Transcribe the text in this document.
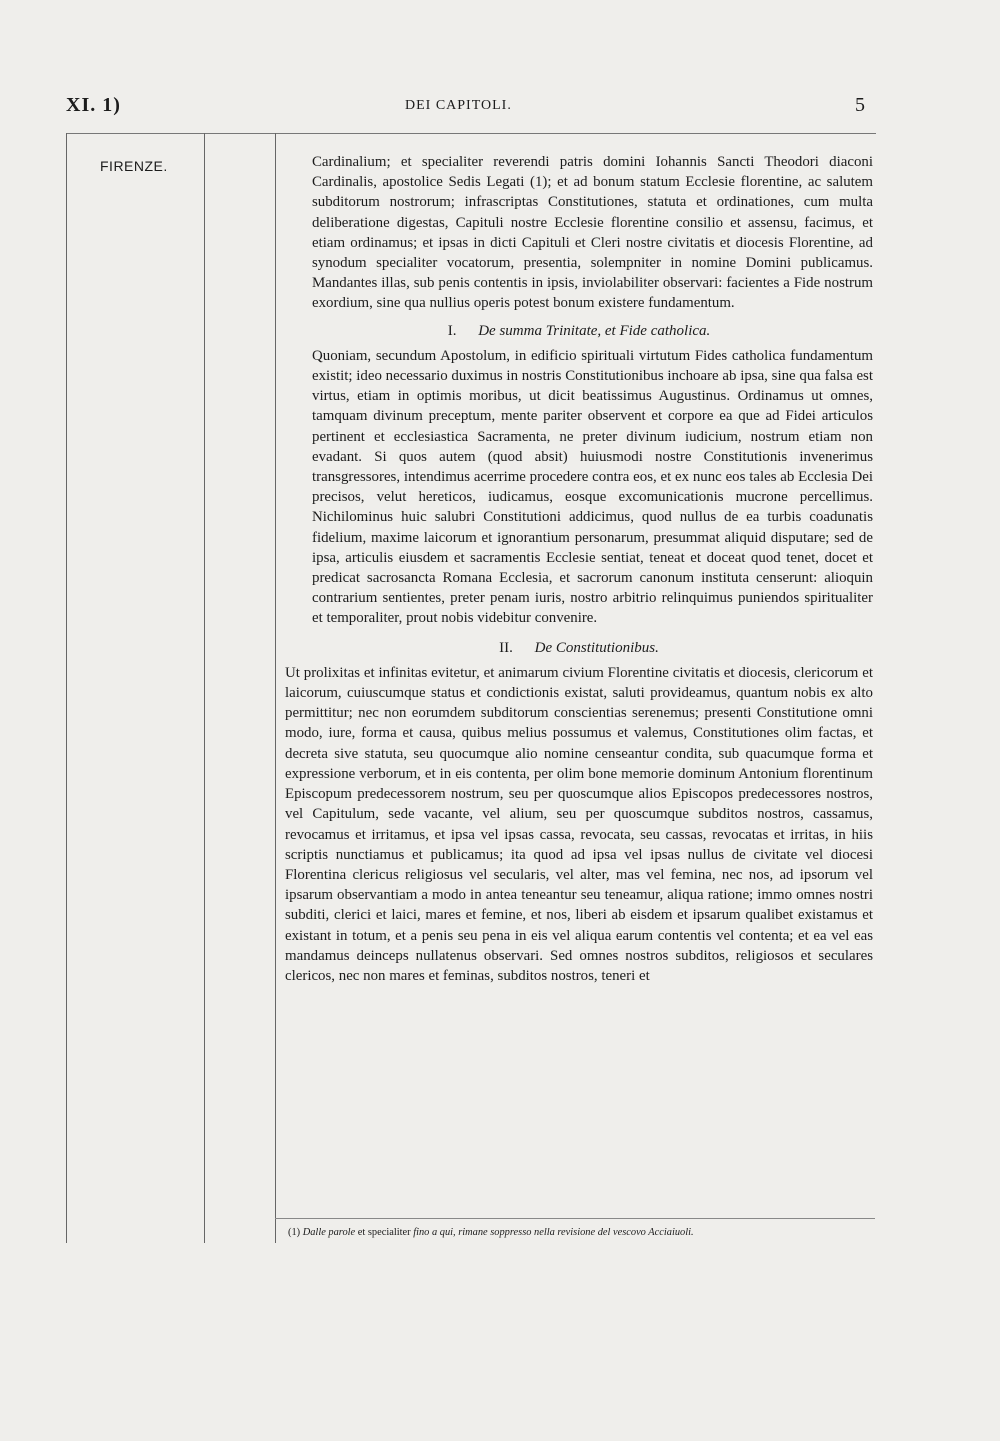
XI. 1)	DEI CAPITOLI.	5
FIRENZE.	Cardinalium; et specialiter reverendi patris domini Iohannis Sancti Theodori diaconi Cardinalis, apostolice Sedis Legati (1); et ad bonum statum Ecclesie florentine, ac salutem subditorum nostrorum; infrascriptas Constitutiones, statuta et ordinationes, cum multa deliberatione digestas, Capituli nostre Ecclesie florentine consilio et assensu, facimus, et etiam ordinamus; et ipsas in dicti Capituli et Cleri nostre civitatis et diocesis Florentine, ad synodum specialiter vocatorum, presentia, solempniter in nomine Domini publicamus. Mandantes illas, sub penis contentis in ipsis, inviolabiliter observari: facientes a Fide nostrum exordium, sine qua nullius operis potest bonum existere fundamentum.

I. De summa Trinitate, et Fide catholica.

Quoniam, secundum Apostolum, in edificio spirituali virtutum Fides catholica fundamentum existit; ideo necessario duximus in nostris Constitutionibus inchoare ab ipsa, sine qua falsa est virtus, etiam in optimis moribus, ut dicit beatissimus Augustinus. Ordinamus ut omnes, tamquam divinum preceptum, mente pariter observent et corpore ea que ad Fidei articulos pertinent et ecclesiastica Sacramenta, ne preter divinum iudicium, nostrum etiam non evadant. Si quos autem (quod absit) huiusmodi nostre Constitutionis invenerimus transgressores, intendimus acerrime procedere contra eos, et ex nunc eos tales ab Ecclesia Dei precisos, velut hereticos, iudicamus, eosque excomunicationis mucrone percellimus. Nichilominus huic salubri Constitutioni addicimus, quod nullus de ea turbis coadunatis fidelium, maxime laicorum et ignorantium personarum, presummat aliquid disputare; sed de ipsa, articulis eiusdem et sacramentis Ecclesie sentiat, teneat et doceat quod tenet, docet et predicat sacrosancta Romana Ecclesia, et sacrorum canonum instituta censerunt: alioquin contrarium sentientes, preter penam iuris, nostro arbitrio relinquimus puniendos spiritualiter et temporaliter, prout nobis videbitur convenire.

II. De Constitutionibus.

Ut prolixitas et infinitas evitetur, et animarum civium Florentine civitatis et diocesis, clericorum et laicorum, cuiuscumque status et condictionis existat, saluti provideamus, quantum nobis ex alto permittitur; nec non eorumdem subditorum conscientias serenemus; presenti Constitutione omni modo, iure, forma et causa, quibus melius possumus et valemus, Constitutiones olim factas, et decreta sive statuta, seu quocumque alio nomine censeantur condita, sub quacumque forma et expressione verborum, et in eis contenta, per olim bone memorie dominum Antonium florentinum Episcopum predecessorem nostrum, seu per quoscumque alios Episcopos predecessores nostros, vel Capitulum, sede vacante, vel alium, seu per quoscumque subditos nostros, cassamus, revocamus et irritamus, et ipsa vel ipsas cassa, revocata, seu cassas, revocatas et irritas, in hiis scriptis nunctiamus et publicamus; ita quod ad ipsa vel ipsas nullus de civitate vel diocesi Florentina clericus religiosus vel secularis, vel alter, mas vel femina, nec nos, ad ipsorum vel ipsarum observantiam a modo in antea teneantur seu teneamur, aliqua ratione; immo omnes nostri subditi, clerici et laici, mares et femine, et nos, liberi ab eisdem et ipsarum qualibet existamus et existant in totum, et a penis seu pena in eis vel aliqua earum contentis vel contenta; et ea vel eas mandamus deinceps nullatenus observari. Sed omnes nostros subditos, religiosos et seculares clericos, nec non mares et feminas, subditos nostros, teneri et

(1) Dalle parole et specialiter fino a qui, rimane soppresso nella revisione del vescovo Acciaiuoli.
